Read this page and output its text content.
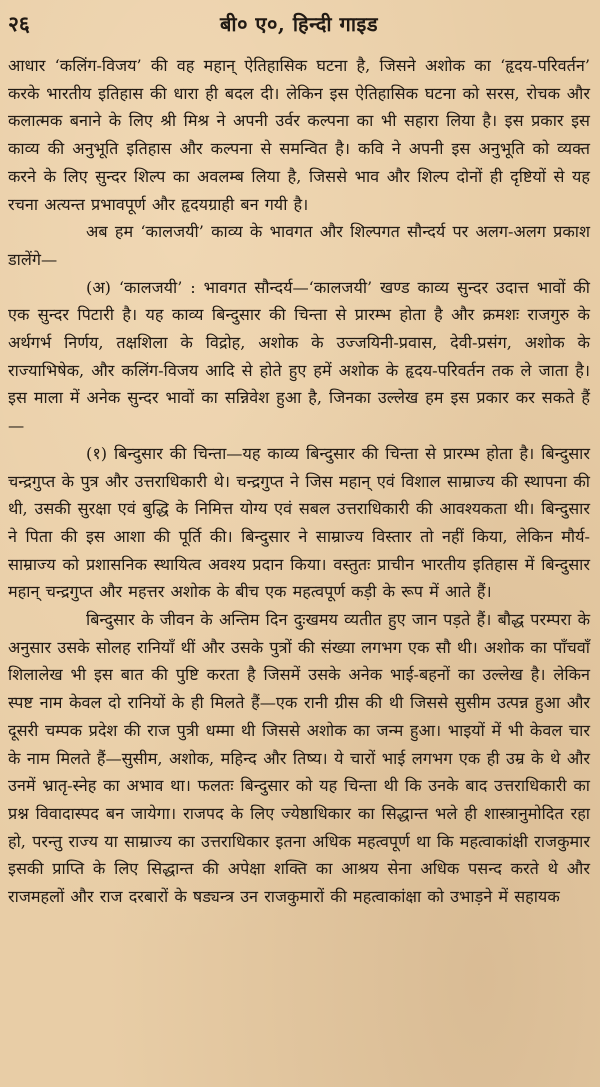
२६	बी० ए०, हिन्दी गाइड

आधार ‘कलिंग-विजय’ की वह महान् ऐतिहासिक घटना है, जिसने अशोक का ‘हृदय-परिवर्तन’ करके भारतीय इतिहास की धारा ही बदल दी। लेकिन इस ऐतिहासिक घटना को सरस, रोचक और कलात्मक बनाने के लिए श्री मिश्र ने अपनी उर्वर कल्पना का भी सहारा लिया है। इस प्रकार इस काव्य की अनुभूति इतिहास और कल्पना से समन्वित है। कवि ने अपनी इस अनुभूति को व्यक्त करने के लिए सुन्दर शिल्प का अवलम्ब लिया है, जिससे भाव और शिल्प दोनों ही दृष्टियों से यह रचना अत्यन्त प्रभावपूर्ण और हृदयग्राही बन गयी है।

अब हम ‘कालजयी’ काव्य के भावगत और शिल्पगत सौन्दर्य पर अलग-अलग प्रकाश डालेंगे—

(अ) ‘कालजयी’ : भावगत सौन्दर्य—‘कालजयी’ खण्ड काव्य सुन्दर उदात्त भावों की एक सुन्दर पिटारी है। यह काव्य बिन्दुसार की चिन्ता से प्रारम्भ होता है और क्रमशः राजगुरु के अर्थगर्भ निर्णय, तक्षशिला के विद्रोह, अशोक के उज्जयिनी-प्रवास, देवी-प्रसंग, अशोक के राज्याभिषेक, और कलिंग-विजय आदि से होते हुए हमें अशोक के हृदय-परिवर्तन तक ले जाता है। इस माला में अनेक सुन्दर भावों का सन्निवेश हुआ है, जिनका उल्लेख हम इस प्रकार कर सकते हैं—

(१) बिन्दुसार की चिन्ता—यह काव्य बिन्दुसार की चिन्ता से प्रारम्भ होता है। बिन्दुसार चन्द्रगुप्त के पुत्र और उत्तराधिकारी थे। चन्द्रगुप्त ने जिस महान् एवं विशाल साम्राज्य की स्थापना की थी, उसकी सुरक्षा एवं बुद्धि के निमित्त योग्य एवं सबल उत्तराधिकारी की आवश्यकता थी। बिन्दुसार ने पिता की इस आशा की पूर्ति की। बिन्दुसार ने साम्राज्य विस्तार तो नहीं किया, लेकिन मौर्य-साम्राज्य को प्रशासनिक स्थायित्व अवश्य प्रदान किया। वस्तुतः प्राचीन भारतीय इतिहास में बिन्दुसार महान् चन्द्रगुप्त और महत्तर अशोक के बीच एक महत्वपूर्ण कड़ी के रूप में आते हैं।

बिन्दुसार के जीवन के अन्तिम दिन दुःखमय व्यतीत हुए जान पड़ते हैं। बौद्ध परम्परा के अनुसार उसके सोलह रानियाँ थीं और उसके पुत्रों की संख्या लगभग एक सौ थी। अशोक का पाँचवाँ शिलालेख भी इस बात की पुष्टि करता है जिसमें उसके अनेक भाई-बहनों का उल्लेख है। लेकिन स्पष्ट नाम केवल दो रानियों के ही मिलते हैं—एक रानी ग्रीस की थी जिससे सुसीम उत्पन्न हुआ और दूसरी चम्पक प्रदेश की राज पुत्री धम्मा थी जिससे अशोक का जन्म हुआ। भाइयों में भी केवल चार के नाम मिलते हैं—सुसीम, अशोक, महिन्द और तिष्य। ये चारों भाई लगभग एक ही उम्र के थे और उनमें भ्रातृ-स्नेह का अभाव था। फलतः बिन्दुसार को यह चिन्ता थी कि उनके बाद उत्तराधिकारी का प्रश्न विवादास्पद बन जायेगा। राजपद के लिए ज्येष्ठाधिकार का सिद्धान्त भले ही शास्त्रानुमोदित रहा हो, परन्तु राज्य या साम्राज्य का उत्तराधिकार इतना अधिक महत्वपूर्ण था कि महत्वाकांक्षी राजकुमार इसकी प्राप्ति के लिए सिद्धान्त की अपेक्षा शक्ति का आश्रय सेना अधिक पसन्द करते थे और राजमहलों और राज दरबारों के षड्यन्त्र उन राजकुमारों की महत्वाकांक्षा को उभाड़ने में सहायक
